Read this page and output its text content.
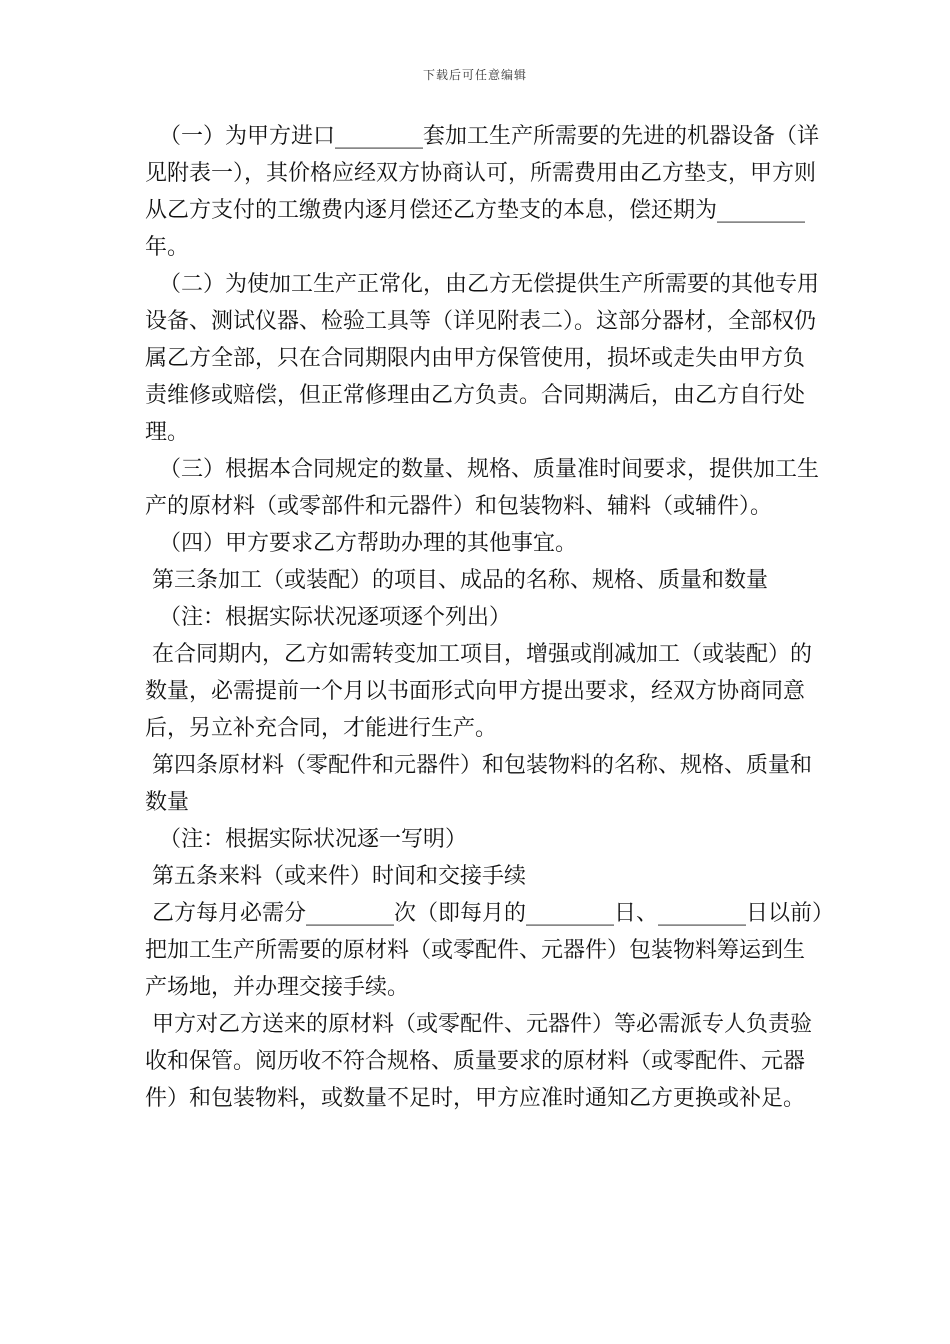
下载后可任意编辑

（一）为甲方进口________套加工生产所需要的先进的机器设备（详见附表一），其价格应经双方协商认可，所需费用由乙方垫支，甲方则从乙方支付的工缴费内逐月偿还乙方垫支的本息，偿还期为________年。

（二）为使加工生产正常化，由乙方无偿提供生产所需要的其他专用设备、测试仪器、检验工具等（详见附表二）。这部分器材，全部权仍属乙方全部，只在合同期限内由甲方保管使用，损坏或走失由甲方负责维修或赔偿，但正常修理由乙方负责。合同期满后，由乙方自行处理。

（三）根据本合同规定的数量、规格、质量准时间要求，提供加工生产的原材料（或零部件和元器件）和包装物料、辅料（或辅件）。

（四）甲方要求乙方帮助办理的其他事宜。

第三条加工（或装配）的项目、成品的名称、规格、质量和数量

（注：根据实际状况逐项逐个列出）

在合同期内，乙方如需转变加工项目，增强或削减加工（或装配）的数量，必需提前一个月以书面形式向甲方提出要求，经双方协商同意后，另立补充合同，才能进行生产。

第四条原材料（零配件和元器件）和包装物料的名称、规格、质量和数量

（注：根据实际状况逐一写明）

第五条来料（或来件）时间和交接手续

乙方每月必需分________次（即每月的________日、________日以前）把加工生产所需要的原材料（或零配件、元器件）包装物料筹运到生产场地，并办理交接手续。

甲方对乙方送来的原材料（或零配件、元器件）等必需派专人负责验收和保管。阅历收不符合规格、质量要求的原材料（或零配件、元器件）和包装物料，或数量不足时，甲方应准时通知乙方更换或补足。
